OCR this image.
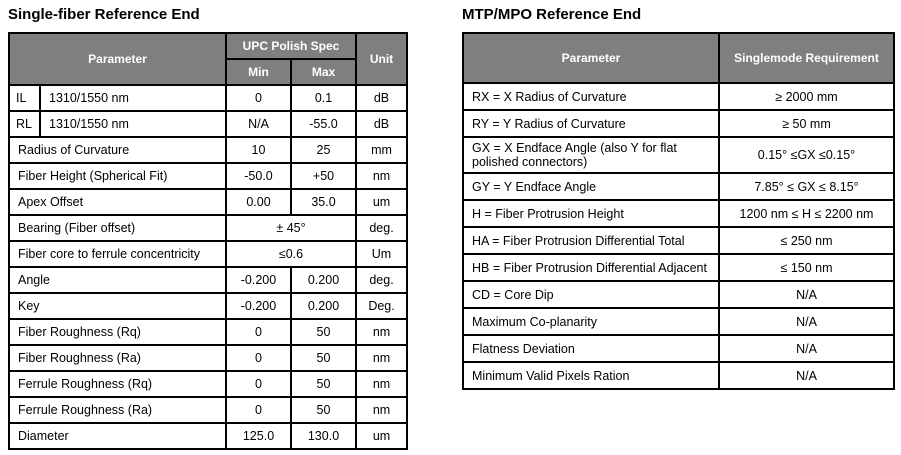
Single-fiber Reference End
Parameter		UPC Polish Spec		Unit
		Min	Max	
IL	1310/1550 nm	0	0.1	dB
RL	1310/1550 nm	N/A	-55.0	dB
Radius of Curvature		10	25	mm
Fiber Height (Spherical Fit)		-50.0	+50	nm
Apex Offset		0.00	35.0	um
Bearing (Fiber offset)		± 45°		deg.
Fiber core to ferrule concentricity		≤0.6		Um
Angle		-0.200	0.200	deg.
Key		-0.200	0.200	Deg.
Fiber Roughness (Rq)		0	50	nm
Fiber Roughness (Ra)		0	50	nm
Ferrule Roughness (Rq)		0	50	nm
Ferrule Roughness (Ra)		0	50	nm
Diameter		125.0	130.0	um
MTP/MPO Reference End
Parameter	Singlemode Requirement
RX = X Radius of Curvature	≥ 2000 mm
RY = Y Radius of Curvature	≥ 50 mm
GX = X Endface Angle (also Y for flat polished connectors)	0.15° ≤GX ≤0.15°
GY = Y Endface Angle	7.85° ≤ GX ≤ 8.15°
H = Fiber Protrusion Height	1200 nm ≤ H ≤ 2200 nm
HA = Fiber Protrusion Differential Total	≤ 250 nm
HB = Fiber Protrusion Differential Adjacent	≤ 150 nm
CD = Core Dip	N/A
Maximum Co-planarity	N/A
Flatness Deviation	N/A
Minimum Valid Pixels Ration	N/A
